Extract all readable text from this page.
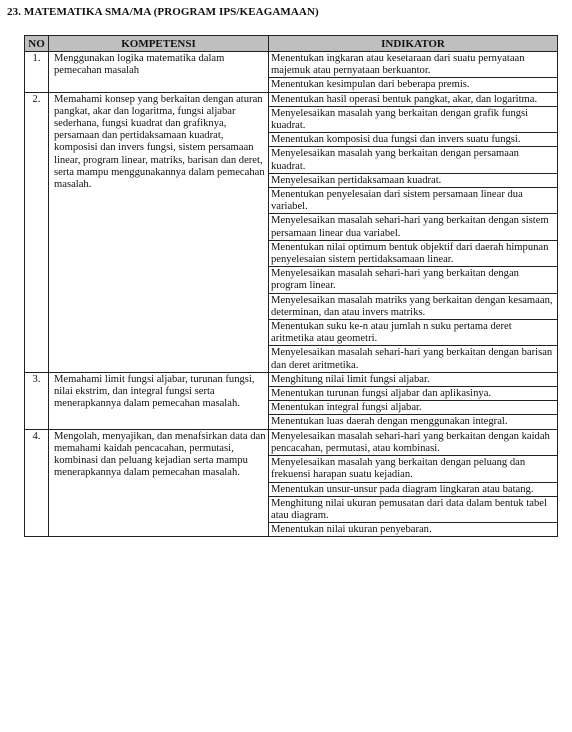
23. MATEMATIKA SMA/MA (PROGRAM IPS/KEAGAMAAN)
NO	KOMPETENSI	INDIKATOR
1.	Menggunakan logika matematika dalam pemecahan masalah	Menentukan ingkaran atau kesetaraan dari suatu pernyataan majemuk atau pernyataan berkuantor.
		Menentukan kesimpulan dari beberapa premis.
2.	Memahami konsep yang berkaitan dengan aturan pangkat, akar dan logaritma, fungsi aljabar sederhana, fungsi kuadrat dan grafiknya, persamaan dan pertidaksamaan kuadrat, komposisi dan invers fungsi, sistem persamaan linear, program linear, matriks, barisan dan deret, serta mampu menggunakannya dalam pemecahan masalah.	Menentukan hasil operasi bentuk pangkat, akar, dan logaritma.
		Menyelesaikan masalah yang berkaitan dengan grafik fungsi kuadrat.
		Menentukan komposisi dua fungsi dan invers suatu fungsi.
		Menyelesaikan masalah yang berkaitan dengan persamaan kuadrat.
		Menyelesaikan pertidaksamaan kuadrat.
		Menentukan penyelesaian dari sistem persamaan linear dua variabel.
		Menyelesaikan masalah sehari-hari yang berkaitan dengan sistem persamaan linear dua variabel.
		Menentukan nilai optimum bentuk objektif dari daerah himpunan penyelesaian sistem pertidaksamaan linear.
		Menyelesaikan masalah sehari-hari yang berkaitan dengan program linear.
		Menyelesaikan masalah matriks yang berkaitan dengan kesamaan, determinan, dan atau invers matriks.
		Menentukan suku ke-n atau jumlah n suku pertama deret aritmetika atau geometri.
		Menyelesaikan masalah sehari-hari yang berkaitan dengan barisan dan deret aritmetika.
3.	Memahami limit fungsi aljabar, turunan fungsi, nilai ekstrim, dan integral fungsi serta menerapkannya dalam pemecahan masalah.	Menghitung nilai limit fungsi aljabar.
		Menentukan turunan fungsi aljabar dan aplikasinya.
		Menentukan integral fungsi aljabar.
		Menentukan luas daerah dengan menggunakan integral.
4.	Mengolah, menyajikan, dan menafsirkan data dan memahami kaidah pencacahan, permutasi, kombinasi dan peluang kejadian serta mampu menerapkannya dalam pemecahan masalah.	Menyelesaikan masalah sehari-hari yang berkaitan dengan kaidah pencacahan, permutasi, atau kombinasi.
		Menyelesaikan masalah yang berkaitan dengan peluang dan frekuensi harapan suatu kejadian.
		Menentukan unsur-unsur pada diagram lingkaran atau batang.
		Menghitung nilai ukuran pemusatan dari data dalam bentuk tabel atau diagram.
		Menentukan nilai ukuran penyebaran.
